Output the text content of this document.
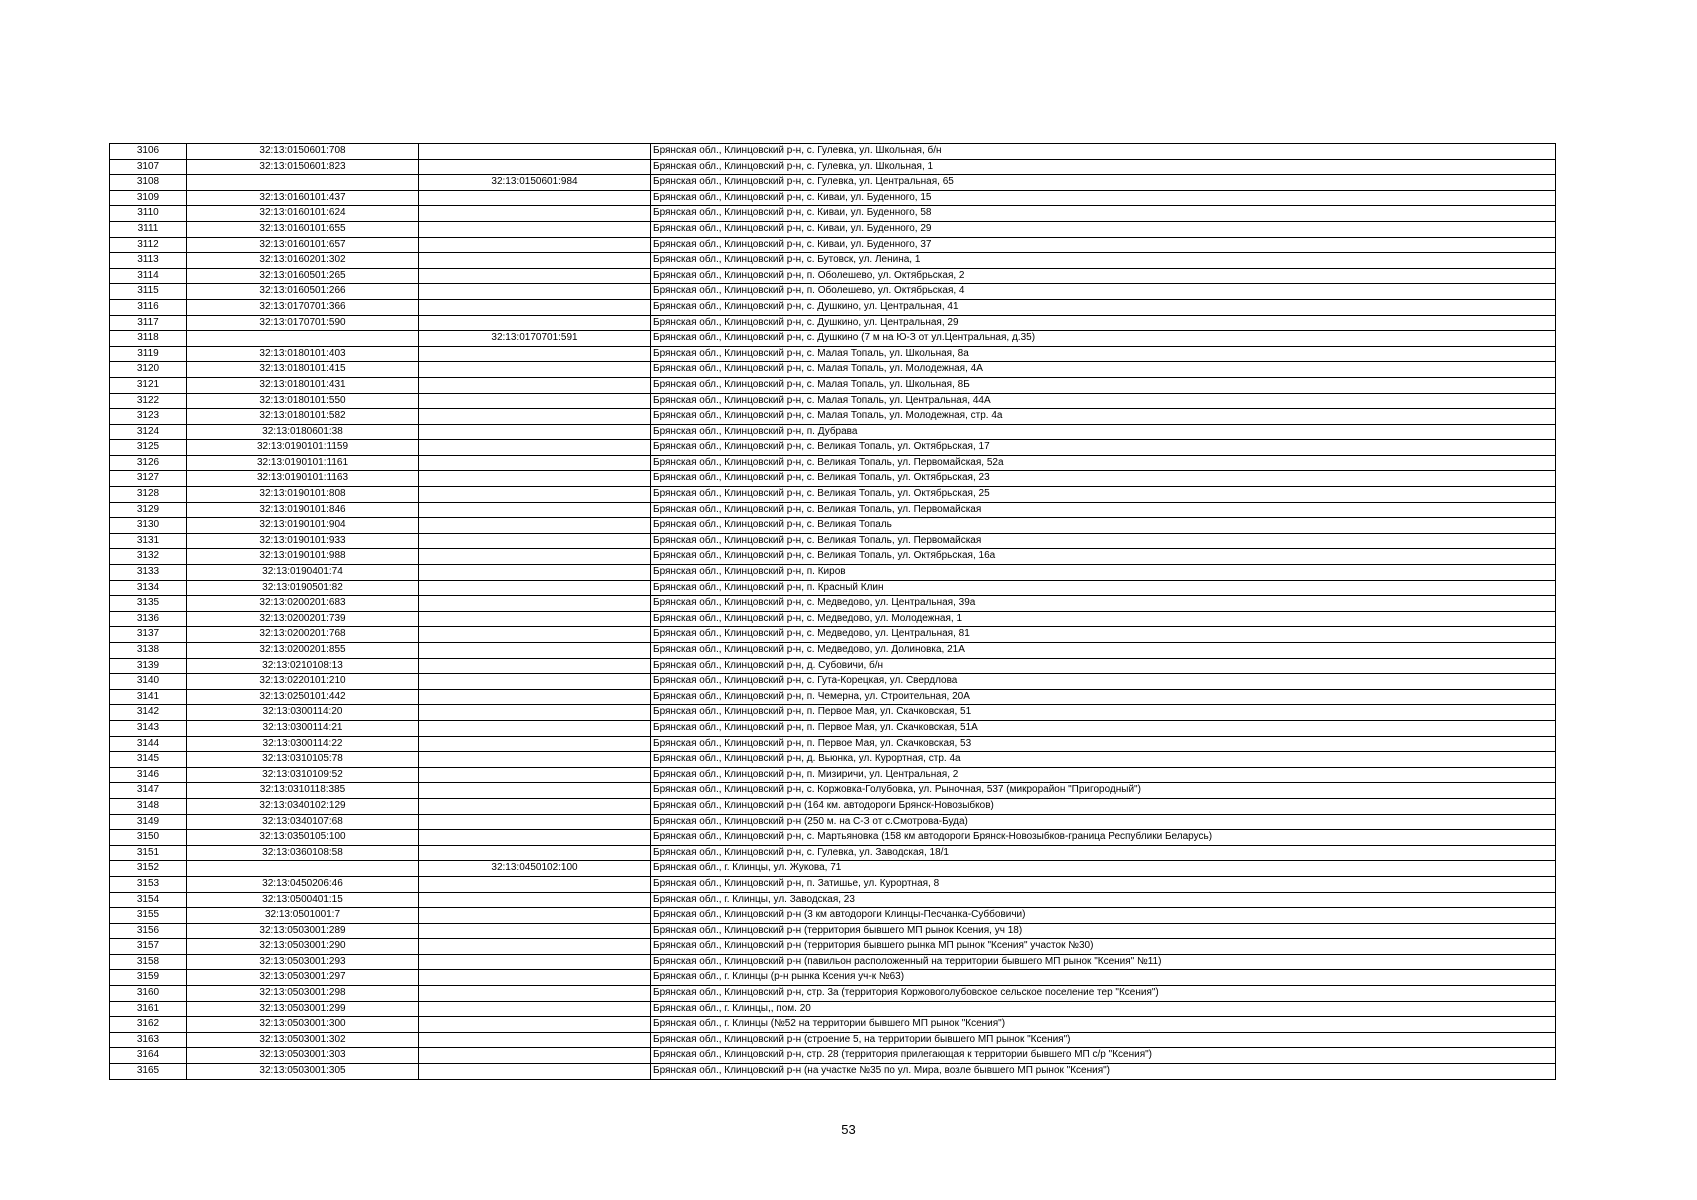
3106	32:13:0150601:708		Брянская обл., Клинцовский р-н, с. Гулевка, ул. Школьная, б/н
3107	32:13:0150601:823		Брянская обл., Клинцовский р-н, с. Гулевка, ул. Школьная, 1
3108		32:13:0150601:984	Брянская обл., Клинцовский р-н, с. Гулевка, ул. Центральная, 65
3109	32:13:0160101:437		Брянская обл., Клинцовский р-н, с. Киваи, ул. Буденного, 15
3110	32:13:0160101:624		Брянская обл., Клинцовский р-н, с. Киваи, ул. Буденного, 58
3111	32:13:0160101:655		Брянская обл., Клинцовский р-н, с. Киваи, ул. Буденного, 29
3112	32:13:0160101:657		Брянская обл., Клинцовский р-н, с. Киваи, ул. Буденного, 37
3113	32:13:0160201:302		Брянская обл., Клинцовский р-н, с. Бутовск, ул. Ленина, 1
3114	32:13:0160501:265		Брянская обл., Клинцовский р-н, п. Оболешево, ул. Октябрьская, 2
3115	32:13:0160501:266		Брянская обл., Клинцовский р-н, п. Оболешево, ул. Октябрьская, 4
3116	32:13:0170701:366		Брянская обл., Клинцовский р-н, с. Душкино, ул. Центральная, 41
3117	32:13:0170701:590		Брянская обл., Клинцовский р-н, с. Душкино, ул. Центральная, 29
3118		32:13:0170701:591	Брянская обл., Клинцовский р-н, с. Душкино (7 м на Ю-З от ул.Центральная, д.35)
3119	32:13:0180101:403		Брянская обл., Клинцовский р-н, с. Малая Топаль, ул. Школьная, 8а
3120	32:13:0180101:415		Брянская обл., Клинцовский р-н, с. Малая Топаль, ул. Молодежная, 4А
3121	32:13:0180101:431		Брянская обл., Клинцовский р-н, с. Малая Топаль, ул. Школьная, 8Б
3122	32:13:0180101:550		Брянская обл., Клинцовский р-н, с. Малая Топаль, ул. Центральная, 44А
3123	32:13:0180101:582		Брянская обл., Клинцовский р-н, с. Малая Топаль, ул. Молодежная, стр. 4а
3124	32:13:0180601:38		Брянская обл., Клинцовский р-н, п. Дубрава
3125	32:13:0190101:1159		Брянская обл., Клинцовский р-н, с. Великая Топаль, ул. Октябрьская, 17
3126	32:13:0190101:1161		Брянская обл., Клинцовский р-н, с. Великая Топаль, ул. Первомайская, 52а
3127	32:13:0190101:1163		Брянская обл., Клинцовский р-н, с. Великая Топаль, ул. Октябрьская, 23
3128	32:13:0190101:808		Брянская обл., Клинцовский р-н, с. Великая Топаль, ул. Октябрьская, 25
3129	32:13:0190101:846		Брянская обл., Клинцовский р-н, с. Великая Топаль, ул. Первомайская
3130	32:13:0190101:904		Брянская обл., Клинцовский р-н, с. Великая Топаль
3131	32:13:0190101:933		Брянская обл., Клинцовский р-н, с. Великая Топаль, ул. Первомайская
3132	32:13:0190101:988		Брянская обл., Клинцовский р-н, с. Великая Топаль, ул. Октябрьская, 16а
3133	32:13:0190401:74		Брянская обл., Клинцовский р-н, п. Киров
3134	32:13:0190501:82		Брянская обл., Клинцовский р-н, п. Красный Клин
3135	32:13:0200201:683		Брянская обл., Клинцовский р-н, с. Медведово, ул. Центральная, 39а
3136	32:13:0200201:739		Брянская обл., Клинцовский р-н, с. Медведово, ул. Молодежная, 1
3137	32:13:0200201:768		Брянская обл., Клинцовский р-н, с. Медведово, ул. Центральная, 81
3138	32:13:0200201:855		Брянская обл., Клинцовский р-н, с. Медведово, ул. Долиновка, 21А
3139	32:13:0210108:13		Брянская обл., Клинцовский р-н, д. Субовичи, б/н
3140	32:13:0220101:210		Брянская обл., Клинцовский р-н, с. Гута-Корецкая, ул. Свердлова
3141	32:13:0250101:442		Брянская обл., Клинцовский р-н, п. Чемерна, ул. Строительная, 20А
3142	32:13:0300114:20		Брянская обл., Клинцовский р-н, п. Первое Мая, ул. Скачковская, 51
3143	32:13:0300114:21		Брянская обл., Клинцовский р-н, п. Первое Мая, ул. Скачковская, 51А
3144	32:13:0300114:22		Брянская обл., Клинцовский р-н, п. Первое Мая, ул. Скачковская, 53
3145	32:13:0310105:78		Брянская обл., Клинцовский р-н, д. Вьюнка, ул. Курортная, стр. 4а
3146	32:13:0310109:52		Брянская обл., Клинцовский р-н, п. Мизиричи, ул. Центральная, 2
3147	32:13:0310118:385		Брянская обл., Клинцовский р-н, с. Коржовка-Голубовка, ул. Рыночная, 537 (микрорайон "Пригородный")
3148	32:13:0340102:129		Брянская обл., Клинцовский р-н (164 км. автодороги Брянск-Новозыбков)
3149	32:13:0340107:68		Брянская обл., Клинцовский р-н (250 м. на С-З от с.Смотрова-Буда)
3150	32:13:0350105:100		Брянская обл., Клинцовский р-н, с. Мартьяновка (158 км автодороги Брянск-Новозыбков-граница Республики Беларусь)
3151	32:13:0360108:58		Брянская обл., Клинцовский р-н, с. Гулевка, ул. Заводская, 18/1
3152		32:13:0450102:100	Брянская обл., г. Клинцы, ул. Жукова, 71
3153	32:13:0450206:46		Брянская обл., Клинцовский р-н, п. Затишье, ул. Курортная, 8
3154	32:13:0500401:15		Брянская обл., г. Клинцы, ул. Заводская, 23
3155	32:13:0501001:7		Брянская обл., Клинцовский р-н (3 км автодороги Клинцы-Песчанка-Суббовичи)
3156	32:13:0503001:289		Брянская обл., Клинцовский р-н (территория бывшего МП рынок Ксения, уч 18)
3157	32:13:0503001:290		Брянская обл., Клинцовский р-н (территория бывшего рынка МП рынок "Ксения" участок №30)
3158	32:13:0503001:293		Брянская обл., Клинцовский р-н (павильон расположенный на территории бывшего МП рынок "Ксения" №11)
3159	32:13:0503001:297		Брянская обл., г. Клинцы (р-н рынка Ксения уч-к №63)
3160	32:13:0503001:298		Брянская обл., Клинцовский р-н, стр. 3а (территория Коржовоголубовское сельское поселение тер "Ксения")
3161	32:13:0503001:299		Брянская обл., г. Клинцы,, пом. 20
3162	32:13:0503001:300		Брянская обл., г. Клинцы (№52 на территории бывшего МП рынок "Ксения")
3163	32:13:0503001:302		Брянская обл., Клинцовский р-н (строение 5, на территории бывшего МП рынок "Ксения")
3164	32:13:0503001:303		Брянская обл., Клинцовский р-н, стр. 28 (территория прилегающая к территории бывшего МП с/р "Ксения")
3165	32:13:0503001:305		Брянская обл., Клинцовский р-н (на участке №35 по ул. Мира, возле бывшего МП рынок "Ксения")
53
